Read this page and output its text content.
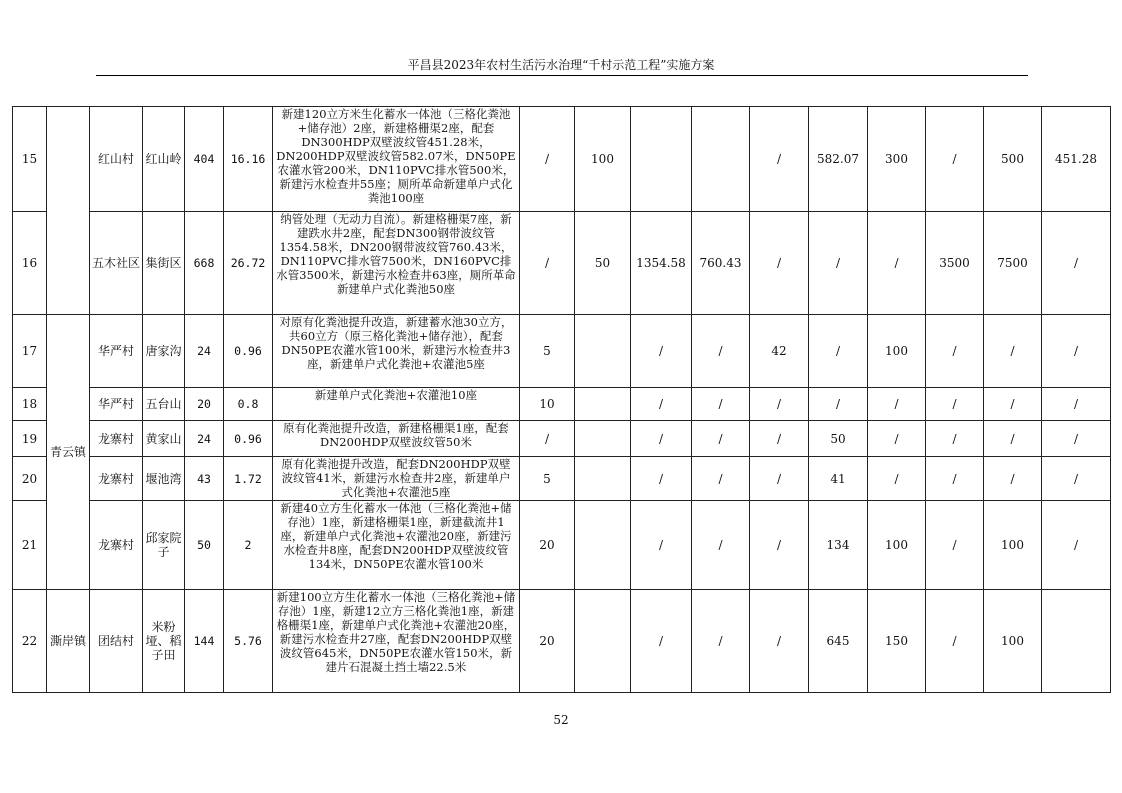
平昌县2023年农村生活污水治理“千村示范工程”实施方案
15		红山村	红山岭	404	16.16	新建120立方米生化蓄水一体池（三格化粪池+储存池）2座，新建格栅渠2座，配套DN300HDP双壁波纹管451.28米，DN200HDP双壁波纹管582.07米，DN50PE农灌水管200米，DN110PVC排水管500米，新建污水检查井55座；厕所革命新建单户式化粪池100座	/	100			/	582.07	300	/	500	451.28
16		五木社区	集街区	668	26.72	纳管处理（无动力自流）。新建格栅渠7座，新建跌水井2座，配套DN300钢带波纹管1354.58米，DN200钢带波纹管760.43米，DN110PVC排水管7500米，DN160PVC排水管3500米，新建污水检查井63座，厕所革命新建单户式化粪池50座	/	50	1354.58	760.43	/	/	/	3500	7500	/
17	青云镇	华严村	唐家沟	24	0.96	对原有化粪池提升改造，新建蓄水池30立方，共60立方（原三格化粪池+储存池），配套DN50PE农灌水管100米，新建污水检查井3座，新建单户式化粪池+农灌池5座	5		/	/	42	/	100	/	/	/
18		华严村	五台山	20	0.8	新建单户式化粪池+农灌池10座	10		/	/	/	/	/	/	/	/
19		龙寨村	黄家山	24	0.96	原有化粪池提升改造，新建格栅渠1座，配套DN200HDP双壁波纹管50米	/		/	/	/	50	/	/	/	/
20		龙寨村	堰池湾	43	1.72	原有化粪池提升改造，配套DN200HDP双壁波纹管41米，新建污水检查井2座，新建单户式化粪池+农灌池5座	5		/	/	/	41	/	/	/	/
21		龙寨村	邱家院子	50	2	新建40立方生化蓄水一体池（三格化粪池+储存池）1座，新建格栅渠1座，新建截流井1座，新建单户式化粪池+农灌池20座，新建污水检查井8座，配套DN200HDP双壁波纹管134米，DN50PE农灌水管100米	20		/	/	/	134	100	/	100	/
22	澌岸镇	团结村	米粉垭、稻子田	144	5.76	新建100立方生化蓄水一体池（三格化粪池+储存池）1座，新建12立方三格化粪池1座，新建格栅渠1座，新建单户式化粪池+农灌池20座，新建污水检查井27座，配套DN200HDP双壁波纹管645米，DN50PE农灌水管150米，新建片石混凝土挡土墙22.5米	20		/	/	/	645	150	/	100	
52
